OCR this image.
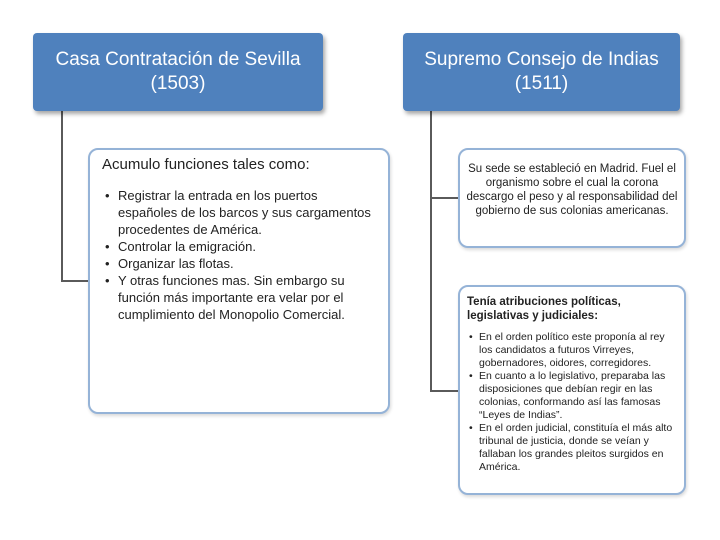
Casa Contratación de Sevilla (1503)
Supremo Consejo de Indias (1511)
Acumulo funciones tales como:
• Registrar la entrada en los puertos españoles de los barcos y sus cargamentos procedentes de América.
• Controlar la emigración.
• Organizar las flotas.
• Y otras funciones mas. Sin embargo su función más importante era velar por el cumplimiento del Monopolio Comercial.
Su sede se estableció en Madrid. Fuel el organismo sobre el cual la corona descargo el peso y al responsabilidad del gobierno de sus colonias americanas.
Tenía atribuciones políticas, legislativas y judiciales:
• En el orden político este proponía al rey los candidatos a futuros Virreyes, gobernadores, oidores, corregidores.
• En cuanto a lo legislativo, preparaba las disposiciones que debían regir en las colonias, conformando así las famosas “Leyes de Indias”.
• En el orden judicial, constituía el más alto tribunal de justicia, donde se veían y fallaban los grandes pleitos surgidos en América.
